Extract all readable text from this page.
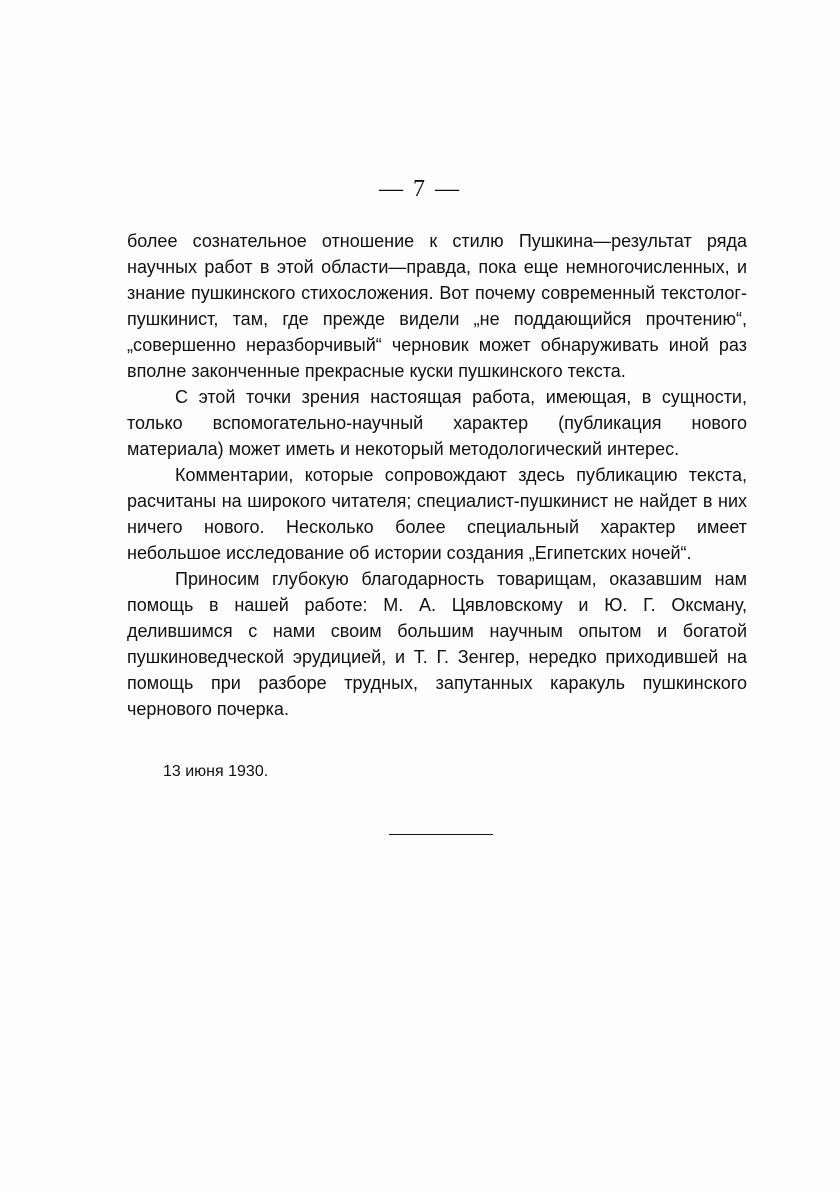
— 7 —

более сознательное отношение к стилю Пушкина—результат ряда научных работ в этой области—правда, пока еще немногочисленных, и знание пушкинского стихосложения. Вот почему современный текстолог-пушкинист, там, где прежде видели „не поддающийся прочтению“, „совершенно неразборчивый“ черновик может обнаруживать иной раз вполне законченные прекрасные куски пушкинского текста.

С этой точки зрения настоящая работа, имеющая, в сущности, только вспомогательно-научный характер (публикация нового материала) может иметь и некоторый методологический интерес.

Комментарии, которые сопровождают здесь публикацию текста, расчитаны на широкого читателя; специалист-пушкинист не найдет в них ничего нового. Несколько более специальный характер имеет небольшое исследование об истории создания „Египетских ночей“.

Приносим глубокую благодарность товарищам, оказавшим нам помощь в нашей работе: М. А. Цявловскому и Ю. Г. Оксману, делившимся с нами своим большим научным опытом и богатой пушкиноведческой эрудицией, и Т. Г. Зенгер, нередко приходившей на помощь при разборе трудных, запутанных каракуль пушкинского чернового почерка.

13 июня 1930.
